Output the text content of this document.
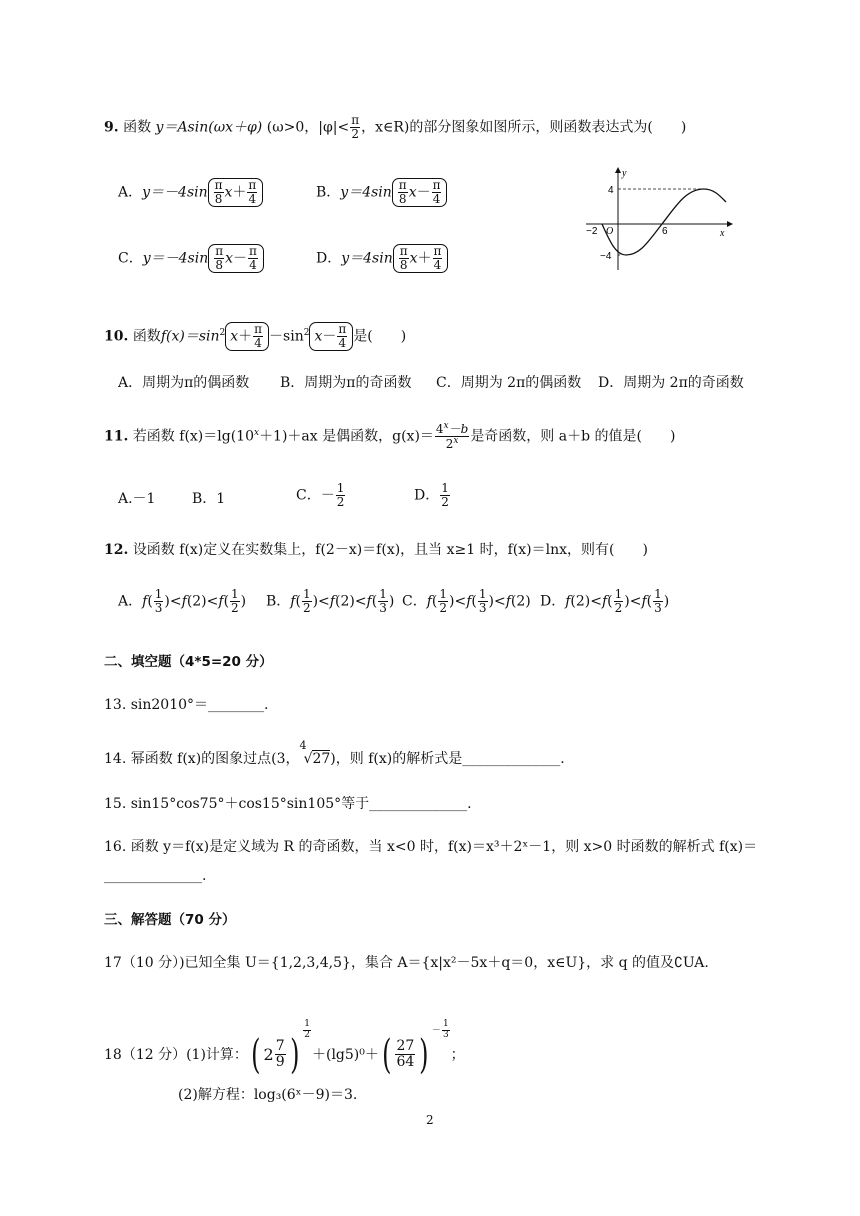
9. 函数 y＝Asin(ωx＋φ) (ω>0，$|\varphi|< \frac{\pi}{2}$ ，x∈R)的部分图象如图所示，则函数表达式为(　　)
A．$y=-4\sin \frac{\pi}{8} x+ \frac{\pi}{4}$	B．$y=4\sin \frac{\pi}{8} x- \frac{\pi}{4}$
C．$y=-4\sin \frac{\pi}{8} x- \frac{\pi}{4}$	D．$y=4\sin \frac{\pi}{8} x+ \frac{\pi}{4}$
y
x
4
−4
−2 O	6
10. 函数$f(x)=\sin^2$ $x+ \frac{\pi}{4} -\sin^2$ $x- \frac{\pi}{4}$ 是(　　)
A．周期为π的偶函数 B．周期为π的奇函数 C．周期为 2π的偶函数 D．周期为 2π的奇函数
11. 若函数 $f(x)=\lg(10^x+1)+ax$ 是偶函数，$g(x)= \frac{4^x-b}{2^x}$ 是奇函数，则 a＋b 的值是(　　)
A.－1	B．1	C．－ $\frac{1}{2}$	D． $\frac{1}{2}$
12. 设函数 f(x)定义在实数集上，f(2－x)＝f(x)，且当 x≥1 时，f(x)＝lnx，则有(　　)
A．$f( \frac{1}{3} )<f(2)<f( \frac{1}{2}$ ) B．$f( \frac{1}{2} )<f(2)<f( \frac{1}{3}$ ) C．$f( \frac{1}{2} )<f( \frac{1}{3} )<f(2)$ D．$f(2)<f( \frac{1}{2} )<f( \frac{1}{3}$ )
二、填空题（4*5=20 分）
13. sin2010°＝________.
14. 幂函数 f(x)的图象过点(3，
4
√27)，则 f(x)的解析式是______________.
15. sin15°cos75°＋cos15°sin105°等于______________.
16. 函数 y＝f(x)是定义域为 R 的奇函数，当 x<0 时，f(x)＝x³＋2ˣ－1，则 x>0 时函数的解析式 f(x)＝
______________.
三、解答题（70 分）
17（10 分）)已知全集 U＝{1,2,3,4,5}，集合 A＝{x|x²－5x＋q＝0，x∈U}，求 q 的值及∁UA.
18（12 分）(1)计算：( $2 \frac{7}{9}$ )
$\frac{1}{2}$
$+(\lg 5)^0+( \frac{27}{64} )^- \frac{1}{3}$
；
(2)解方程：log₃(6ˣ－9)＝3.
2
